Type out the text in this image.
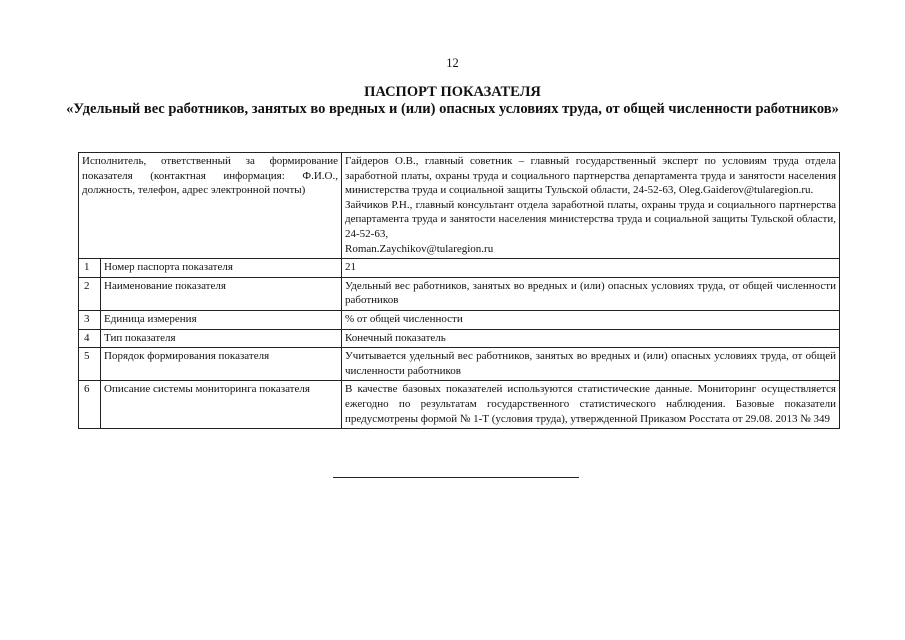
12
ПАСПОРТ ПОКАЗАТЕЛЯ
«Удельный вес работников, занятых во вредных и (или) опасных условиях труда, от общей численности работников»
Исполнитель, ответственный за формирование показателя (контактная информация: Ф.И.О., должность, телефон, адрес электронной почты)		Гайдеров О.В., главный советник – главный государственный эксперт по условиям труда отдела заработной платы, охраны труда и социального партнерства департамента труда и занятости населения министерства труда и социальной защиты Тульской области, 24-52-63, Oleg.Gaiderov@tularegion.ru.
Зайчиков Р.Н., главный консультант отдела заработной платы, охраны труда и социального партнерства департамента труда и занятости населения министерства труда и социальной защиты Тульской области, 24-52-63,
Roman.Zaychikov@tularegion.ru

1	Номер паспорта показателя	21
2	Наименование показателя	Удельный вес работников, занятых во вредных и (или) опасных условиях труда, от общей численности работников
3	Единица измерения	% от общей численности
4	Тип показателя	Конечный показатель
5	Порядок формирования показателя	Учитывается удельный вес работников, занятых во вредных и (или) опасных условиях труда, от общей численности работников
6	Описание системы мониторинга показателя	В качестве базовых показателей используются статистические данные. Мониторинг осуществляется ежегодно по результатам государственного статистического наблюдения. Базовые показатели предусмотрены формой № 1-Т (условия труда), утвержденной Приказом Росстата от 29.08. 2013 № 349
